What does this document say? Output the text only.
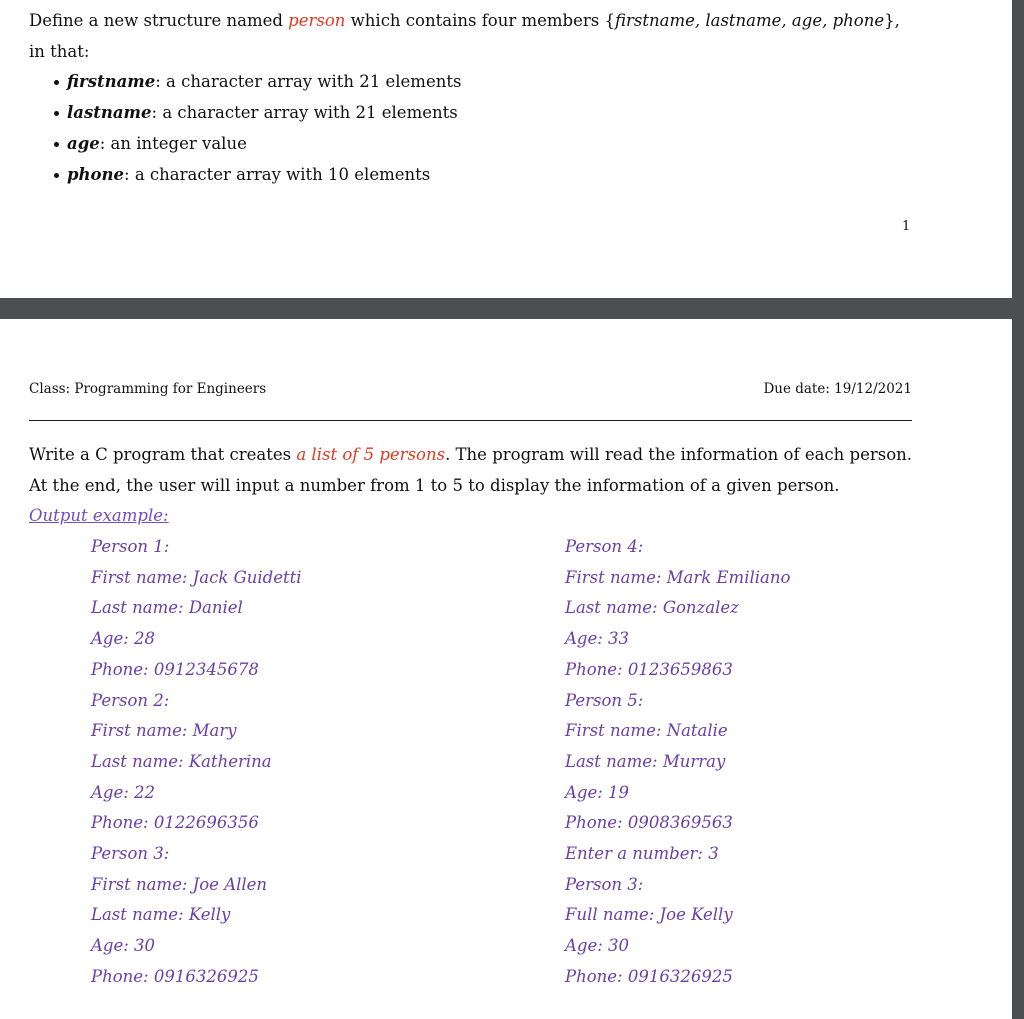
Define a new structure named person which contains four members {firstname, lastname, age, phone},
in that:
firstname: a character array with 21 elements
lastname: a character array with 21 elements
age: an integer value
phone: a character array with 10 elements
1
Class: Programming for Engineers	Due date: 19/12/2021
Write a C program that creates a list of 5 persons. The program will read the information of each person.
At the end, the user will input a number from 1 to 5 to display the information of a given person.
Output example:
Person 1:
First name: Jack Guidetti
Last name: Daniel
Age: 28
Phone: 0912345678
Person 2:
First name: Mary
Last name: Katherina
Age: 22
Phone: 0122696356
Person 3:
First name: Joe Allen
Last name: Kelly
Age: 30
Phone: 0916326925
Person 4:
First name: Mark Emiliano
Last name: Gonzalez
Age: 33
Phone: 0123659863
Person 5:
First name: Natalie
Last name: Murray
Age: 19
Phone: 0908369563
Enter a number: 3
Person 3:
Full name: Joe Kelly
Age: 30
Phone: 0916326925
